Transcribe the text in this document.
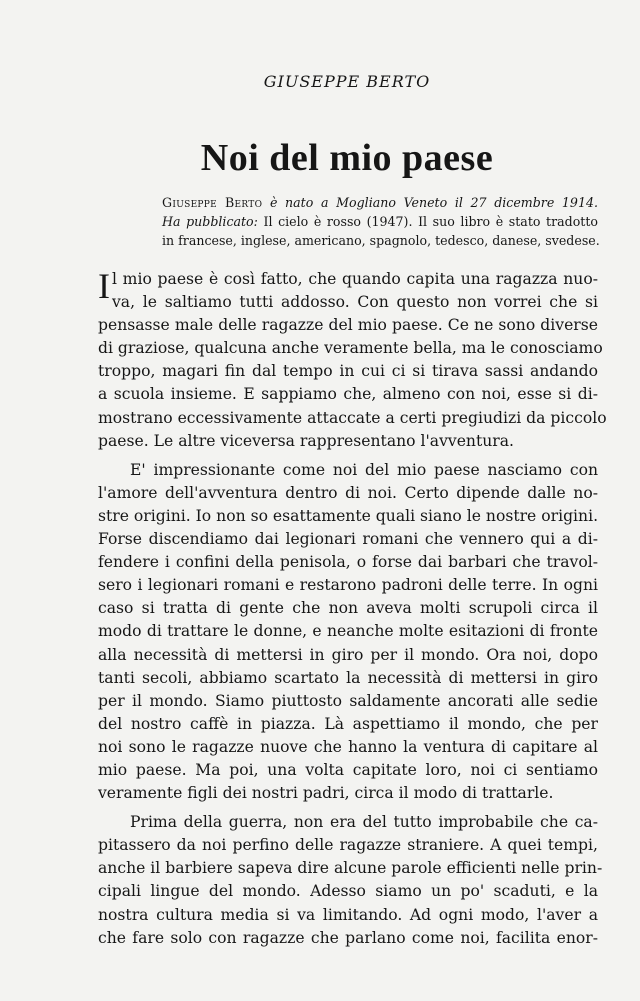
GIUSEPPE BERTO
Noi del mio paese
Giuseppe Berto è nato a Mogliano Veneto il 27 dicembre 1914.
Ha pubblicato: Il cielo è rosso (1947). Il suo libro è stato tradotto
in francese, inglese, americano, spagnolo, tedesco, danese, svedese.
I l mio paese è così fatto, che quando capita una ragazza nuo-
va, le saltiamo tutti addosso. Con questo non vorrei che si
pensasse male delle ragazze del mio paese. Ce ne sono diverse
di graziose, qualcuna anche veramente bella, ma le conosciamo
troppo, magari fin dal tempo in cui ci si tirava sassi andando
a scuola insieme. E sappiamo che, almeno con noi, esse si di-
mostrano eccessivamente attaccate a certi pregiudizi da piccolo
paese. Le altre viceversa rappresentano l'avventura.
E' impressionante come noi del mio paese nasciamo con
l'amore dell'avventura dentro di noi. Certo dipende dalle no-
stre origini. Io non so esattamente quali siano le nostre origini.
Forse discendiamo dai legionari romani che vennero qui a di-
fendere i confini della penisola, o forse dai barbari che travol-
sero i legionari romani e restarono padroni delle terre. In ogni
caso si tratta di gente che non aveva molti scrupoli circa il
modo di trattare le donne, e neanche molte esitazioni di fronte
alla necessità di mettersi in giro per il mondo. Ora noi, dopo
tanti secoli, abbiamo scartato la necessità di mettersi in giro
per il mondo. Siamo piuttosto saldamente ancorati alle sedie
del nostro caffè in piazza. Là aspettiamo il mondo, che per
noi sono le ragazze nuove che hanno la ventura di capitare al
mio paese. Ma poi, una volta capitate loro, noi ci sentiamo
veramente figli dei nostri padri, circa il modo di trattarle.
Prima della guerra, non era del tutto improbabile che ca-
pitassero da noi perfino delle ragazze straniere. A quei tempi,
anche il barbiere sapeva dire alcune parole efficienti nelle prin-
cipali lingue del mondo. Adesso siamo un po' scaduti, e la
nostra cultura media si va limitando. Ad ogni modo, l'aver a
che fare solo con ragazze che parlano come noi, facilita enor-
